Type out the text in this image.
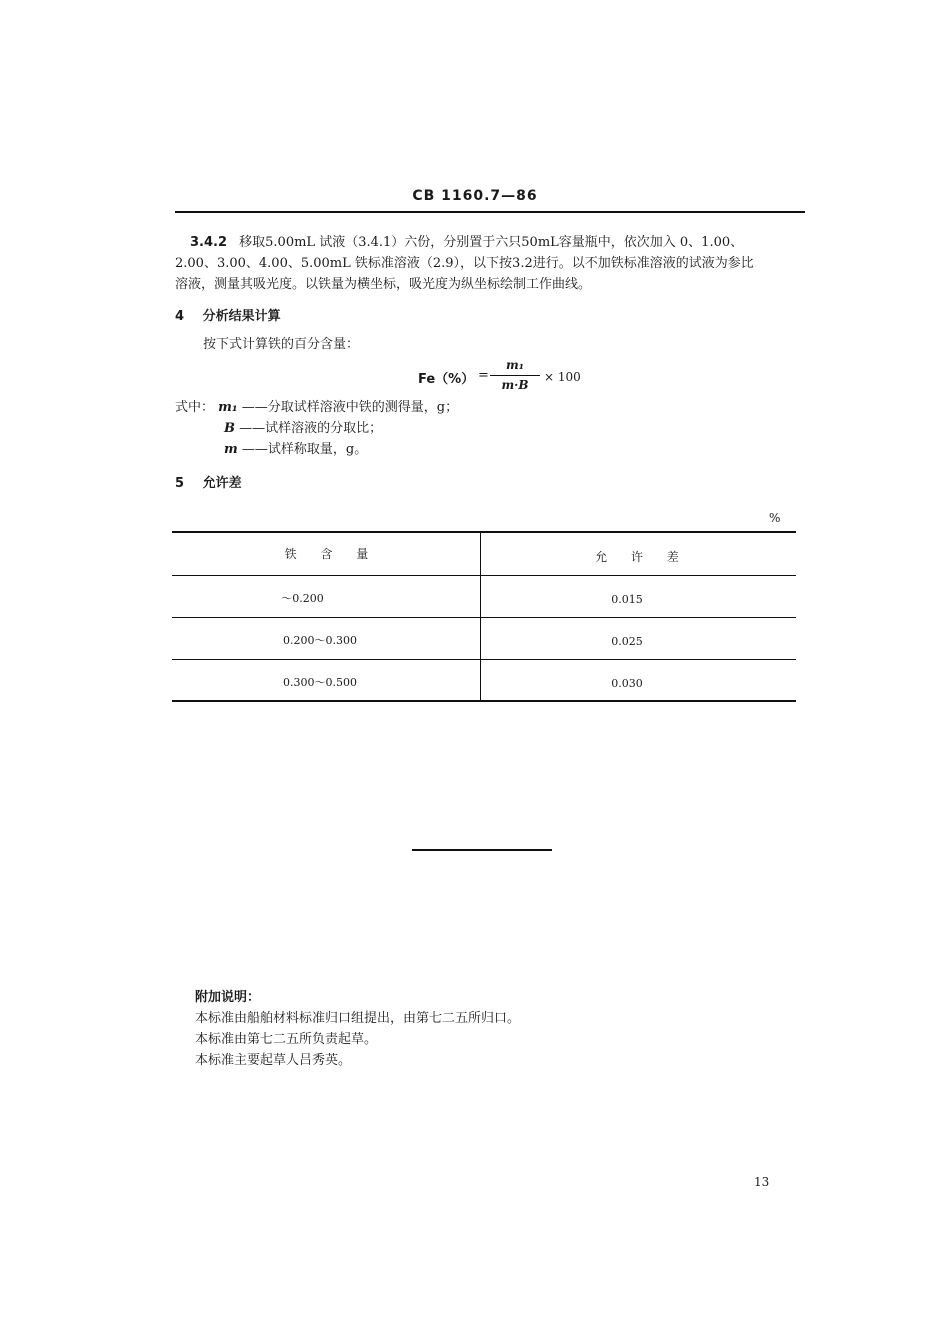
CB 1160.7—86
3.4.2 移取5.00mL 试液（3.4.1）六份，分别置于六只50mL容量瓶中，依次加入 0、1.00、
2.00、3.00、4.00、5.00mL 铁标准溶液（2.9），以下按3.2进行。以不加铁标准溶液的试液为参比
溶液，测量其吸光度。以铁量为横坐标，吸光度为纵坐标绘制工作曲线。
4 分析结果计算
按下式计算铁的百分含量：
Fe（%） =
m₁
m·B
× 100
式中： m₁ ——分取试样溶液中铁的测得量，g；
B ——试样溶液的分取比；
m ——试样称取量，g。
5 允许差
%
铁 含 量	允 许 差
～0.200	0.015
0.200～0.300	0.025
0.300～0.500	0.030
附加说明：
本标准由船舶材料标准归口组提出，由第七二五所归口。
本标准由第七二五所负责起草。
本标准主要起草人吕秀英。
13
